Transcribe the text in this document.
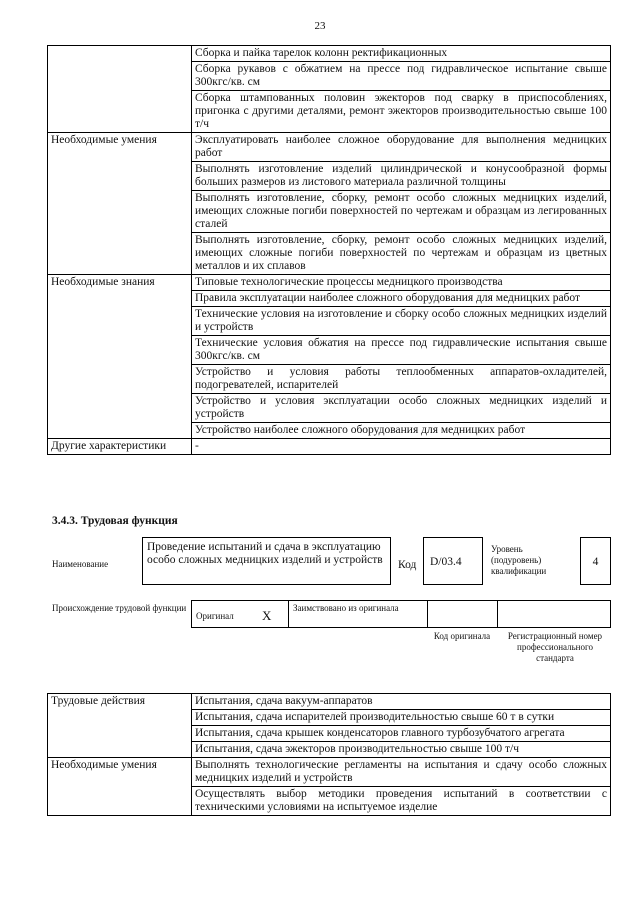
23
	Сборка и пайка тарелок колонн ректификационных
	Сборка рукавов с обжатием на прессе под гидравлическое испытание свыше 300кгс/кв. см
	Сборка штампованных половин эжекторов под сварку в приспособлениях, пригонка с другими деталями, ремонт эжекторов производительностью свыше 100 т/ч
Необходимые умения	Эксплуатировать наиболее сложное оборудование для выполнения медницких работ
	Выполнять изготовление изделий цилиндрической и конусообразной формы больших размеров из листового материала различной толщины
	Выполнять изготовление, сборку, ремонт особо сложных медницких изделий, имеющих сложные погиби поверхностей по чертежам и образцам из легированных сталей
	Выполнять изготовление, сборку, ремонт особо сложных медницких изделий, имеющих сложные погиби поверхностей по чертежам и образцам из цветных металлов и их сплавов
Необходимые знания	Типовые технологические процессы медницкого производства
	Правила эксплуатации наиболее сложного оборудования для медницких работ
	Технические условия на изготовление и сборку особо сложных медницких изделий и устройств
	Технические условия обжатия на прессе под гидравлические испытания свыше 300кгс/кв. см
	Устройство и условия работы теплообменных аппаратов-охладителей, подогревателей, испарителей
	Устройство и условия эксплуатации особо сложных медницких изделий и устройств
	Устройство наиболее сложного оборудования для медницких работ
Другие характеристики	-
3.4.3. Трудовая функция
Наименование
Проведение испытаний и сдача в эксплуатацию особо сложных медницких изделий и устройств	Код	D/03.4
Уровень (подуровень) квалификации
4
Происхождение трудовой функции
Оригинал X Заимствовано из оригинала
Код оригинала	Регистрационный номер профессионального стандарта
Трудовые действия	Испытания, сдача вакуум-аппаратов
	Испытания, сдача испарителей производительностью свыше 60 т в сутки
	Испытания, сдача крышек конденсаторов главного турбозубчатого агрегата
	Испытания, сдача эжекторов производительностью свыше 100 т/ч
Необходимые умения	Выполнять технологические регламенты на испытания и сдачу особо сложных медницких изделий и устройств
	Осуществлять выбор методики проведения испытаний в соответствии с техническими условиями на испытуемое изделие
